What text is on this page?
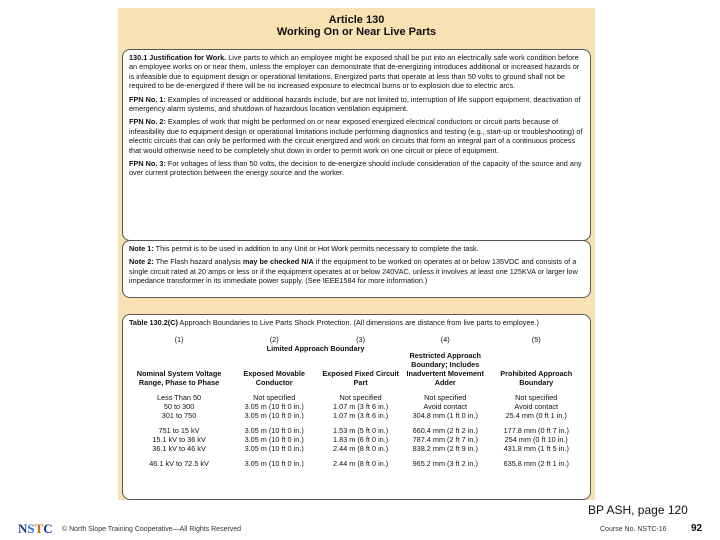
Article 130
Working On or Near Live Parts

130.1 Justification for Work. Live parts to which an employee might be exposed shall be put into an electrically safe work condition before an employee works on or near them, unless the employer can demonstrate that de-energizing introduces additional or increased hazards or is infeasible due to equipment design or operational limitations. Energized parts that operate at less than 50 volts to ground shall not be required to be de-energized if there will be no increased exposure to electrical burns or to explosion due to electric arcs.

FPN No. 1: Examples of increased or additional hazards include, but are not limited to, interruption of life support equipment, deactivation of emergency alarm systems, and shutdown of hazardous location ventilation equipment.

FPN No. 2: Examples of work that might be performed on or near exposed energized electrical conductors or circuit parts because of infeasibility due to equipment design or operational limitations include performing diagnostics and testing (e.g., start-up or troubleshooting) of electric circuits that can only be performed with the circuit energized and work on circuits that form an integral part of a continuous process that would otherwise need to be completely shut down in order to permit work on one circuit or piece of equipment.

FPN No. 3: For voltages of less than 50 volts, the decision to de-energize should include consideration of the capacity of the source and any over current protection between the energy source and the worker.

Note 1: This permit is to be used in addition to any Unit or Hot Work permits necessary to complete the task.

Note 2: The Flash hazard analysis may be checked N/A if the equipment to be worked on operates at or below 135VDC and consists of a single circuit rated at 20 amps or less or if the equipment operates at or below 240VAC, unless it involves at least one 125KVA or larger low impedance transformer in its immediate power supply. (See IEEE1584 for more information.)

Table 130.2(C) Approach Boundaries to Live Parts Shock Protection. (All dimensions are distance from live parts to employee.)
(1)	(2)	(3)	(4)	(5)
Nominal System Voltage Range, Phase to Phase	Limited Approach Boundary		Restricted Approach Boundary; Includes Inadvertent Movement Adder	Prohibited Approach Boundary
	Exposed Movable Conductor	Exposed Fixed Circuit Part		

Less Than 50	Not specified	Not specified	Not specified	Not specified
50 to 300	3.05 m (10 ft 0 in.)	1.07 m (3 ft 6 in.)	Avoid contact	Avoid contact
301 to 750	3.05 m (10 ft 0 in.)	1.07 m (3 ft 6 in.)	304.8 mm (1 ft 0 in.)	25.4 mm (0 ft 1 in.)

751 to 15 kV	3.05 m (10 ft 0 in.)	1.53 m (5 ft 0 in.)	660.4 mm (2 ft 2 in.)	177.8 mm (0 ft 7 in.)
15.1 kV to 36 kV	3.05 m (10 ft 0 in.)	1.83 m (6 ft 0 in.)	787.4 mm (2 ft 7 in.)	254 mm (0 ft 10 in.)
36.1 kV to 46 kV	3.05 m (10 ft 0 in.)	2.44 m (8 ft 0 in.)	838.2 mm (2 ft 9 in.)	431.8 mm (1 ft 5 in.)

46.1 kV to 72.5 kV	3.05 m (10 ft 0 in.)	2.44 m (8 ft 0 in.)	965.2 mm (3 ft 2 in.)	635.8 mm (2 ft 1 in.)
BP ASH, page 120
N S T C © North Slope Training Cooperative—All Rights Reserved	Course No. NSTC-16 92
